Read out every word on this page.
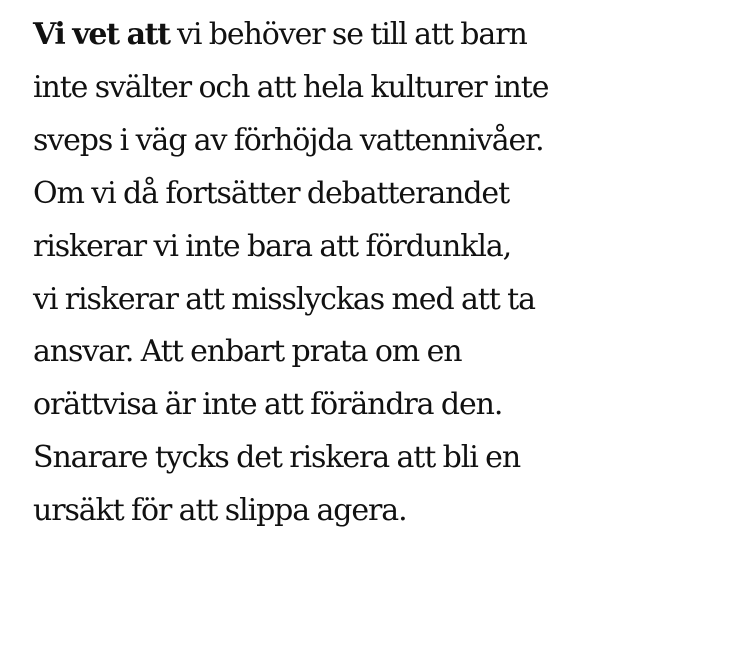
Vi vet att vi behöver se till att barn
inte svälter och att hela kulturer inte
sveps i väg av förhöjda vattennivåer.
Om vi då fortsätter debatterandet
riskerar vi inte bara att fördunkla,
vi riskerar att misslyckas med att ta
ansvar. Att enbart prata om en
orättvisa är inte att förändra den.
Snarare tycks det riskera att bli en
ursäkt för att slippa agera.
